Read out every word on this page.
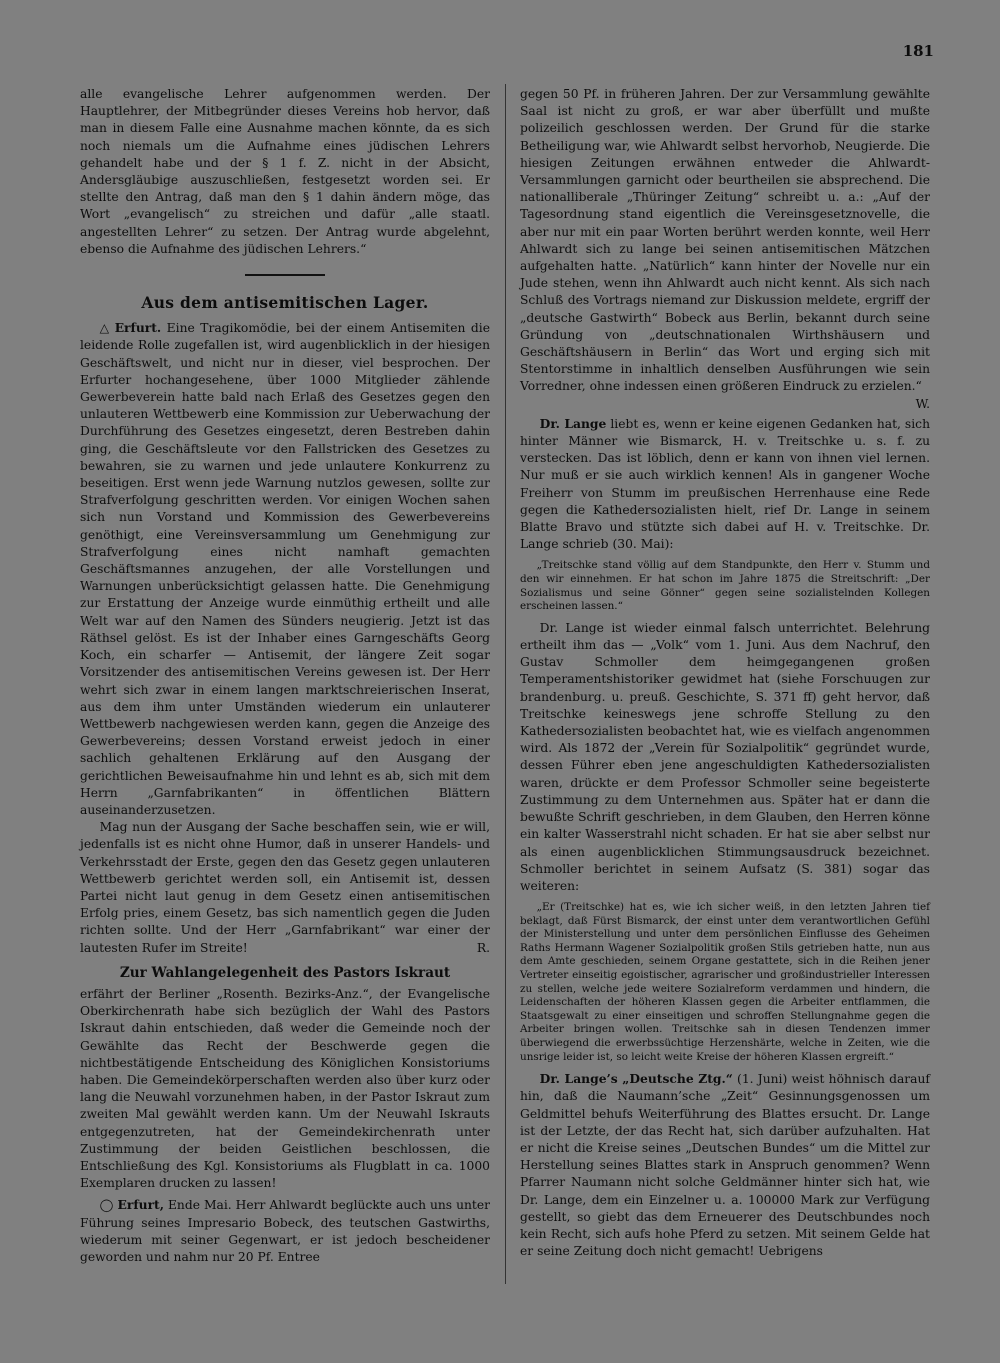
181

alle evangelische Lehrer aufgenommen werden. Der Hauptlehrer, der Mitbegründer dieses Vereins hob hervor, daß man in diesem Falle eine Ausnahme machen könnte, da es sich noch niemals um die Aufnahme eines jüdischen Lehrers gehandelt habe und der § 1 f. Z. nicht in der Absicht, Andersgläubige auszuschließen, festgesetzt worden sei. Er stellte den Antrag, daß man den § 1 dahin ändern möge, das Wort „evangelisch“ zu streichen und dafür „alle staatl. angestellten Lehrer“ zu setzen. Der Antrag wurde abgelehnt, ebenso die Aufnahme des jüdischen Lehrers.“

Aus dem antisemitischen Lager.

△ Erfurt. Eine Tragikomödie, bei der einem Antisemiten die leidende Rolle zugefallen ist, wird augenblicklich in der hiesigen Geschäftswelt, und nicht nur in dieser, viel besprochen. Der Erfurter hochangesehene, über 1000 Mitglieder zählende Gewerbeverein hatte bald nach Erlaß des Gesetzes gegen den unlauteren Wettbewerb eine Kommission zur Ueberwachung der Durchführung des Gesetzes eingesetzt, deren Bestreben dahin ging, die Geschäftsleute vor den Fallstricken des Gesetzes zu bewahren, sie zu warnen und jede unlautere Konkurrenz zu beseitigen. Erst wenn jede Warnung nutzlos gewesen, sollte zur Strafverfolgung geschritten werden. Vor einigen Wochen sahen sich nun Vorstand und Kommission des Gewerbevereins genöthigt, eine Vereinsversammlung um Genehmigung zur Strafverfolgung eines nicht namhaft gemachten Geschäftsmannes anzugehen, der alle Vorstellungen und Warnungen unberücksichtigt gelassen hatte. Die Genehmigung zur Erstattung der Anzeige wurde einmüthig ertheilt und alle Welt war auf den Namen des Sünders neugierig. Jetzt ist das Räthsel gelöst. Es ist der Inhaber eines Garngeschäfts Georg Koch, ein scharfer — Antisemit, der längere Zeit sogar Vorsitzender des antisemitischen Vereins gewesen ist. Der Herr wehrt sich zwar in einem langen marktschreierischen Inserat, aus dem ihm unter Umständen wiederum ein unlauterer Wettbewerb nachgewiesen werden kann, gegen die Anzeige des Gewerbevereins; dessen Vorstand erweist jedoch in einer sachlich gehaltenen Erklärung auf den Ausgang der gerichtlichen Beweisaufnahme hin und lehnt es ab, sich mit dem Herrn „Garnfabrikanten“ in öffentlichen Blättern auseinanderzusetzen.

Mag nun der Ausgang der Sache beschaffen sein, wie er will, jedenfalls ist es nicht ohne Humor, daß in unserer Handels- und Verkehrsstadt der Erste, gegen den das Gesetz gegen unlauteren Wettbewerb gerichtet werden soll, ein Antisemit ist, dessen Partei nicht laut genug in dem Gesetz einen antisemitischen Erfolg pries, einem Gesetz, bas sich namentlich gegen die Juden richten sollte. Und der Herr „Garnfabrikant“ war einer der lautesten Rufer im Streite!	R.

Zur Wahlangelegenheit des Pastors Iskraut

erfährt der Berliner „Rosenth. Bezirks-Anz.“, der Evangelische Oberkirchenrath habe sich bezüglich der Wahl des Pastors Iskraut dahin entschieden, daß weder die Gemeinde noch der Gewählte das Recht der Beschwerde gegen die nichtbestätigende Entscheidung des Königlichen Konsistoriums haben. Die Gemeindekörperschaften werden also über kurz oder lang die Neuwahl vorzunehmen haben, in der Pastor Iskraut zum zweiten Mal gewählt werden kann. Um der Neuwahl Iskrauts entgegenzutreten, hat der Gemeindekirchenrath unter Zustimmung der beiden Geistlichen beschlossen, die Entschließung des Kgl. Konsistoriums als Flugblatt in ca. 1000 Exemplaren drucken zu lassen!

◯ Erfurt, Ende Mai. Herr Ahlwardt beglückte auch uns unter Führung seines Impresario Bobeck, des teutschen Gastwirths, wiederum mit seiner Gegenwart, er ist jedoch bescheidener geworden und nahm nur 20 Pf. Entree

gegen 50 Pf. in früheren Jahren. Der zur Versammlung gewählte Saal ist nicht zu groß, er war aber überfüllt und mußte polizeilich geschlossen werden. Der Grund für die starke Betheiligung war, wie Ahlwardt selbst hervorhob, Neugierde. Die hiesigen Zeitungen erwähnen entweder die Ahlwardt-Versammlungen garnicht oder beurtheilen sie absprechend. Die nationalliberale „Thüringer Zeitung“ schreibt u. a.: „Auf der Tagesordnung stand eigentlich die Vereinsgesetznovelle, die aber nur mit ein paar Worten berührt werden konnte, weil Herr Ahlwardt sich zu lange bei seinen antisemitischen Mätzchen aufgehalten hatte. „Natürlich“ kann hinter der Novelle nur ein Jude stehen, wenn ihn Ahlwardt auch nicht kennt. Als sich nach Schluß des Vortrags niemand zur Diskussion meldete, ergriff der „deutsche Gastwirth“ Bobeck aus Berlin, bekannt durch seine Gründung von „deutschnationalen Wirthshäusern und Geschäftshäusern in Berlin“ das Wort und erging sich mit Stentorstimme in inhaltlich denselben Ausführungen wie sein Vorredner, ohne indessen einen größeren Eindruck zu erzielen.“

W.

Dr. Lange liebt es, wenn er keine eigenen Gedanken hat, sich hinter Männer wie Bismarck, H. v. Treitschke u. s. f. zu verstecken. Das ist löblich, denn er kann von ihnen viel lernen. Nur muß er sie auch wirklich kennen! Als in gangener Woche Freiherr von Stumm im preußischen Herrenhause eine Rede gegen die Kathedersozialisten hielt, rief Dr. Lange in seinem Blatte Bravo und stützte sich dabei auf H. v. Treitschke. Dr. Lange schrieb (30. Mai):

„Treitschke stand völlig auf dem Standpunkte, den Herr v. Stumm und den wir einnehmen. Er hat schon im Jahre 1875 die Streitschrift: „Der Sozialismus und seine Gönner“ gegen seine sozialistelnden Kollegen erscheinen lassen.“

Dr. Lange ist wieder einmal falsch unterrichtet. Belehrung ertheilt ihm das — „Volk“ vom 1. Juni. Aus dem Nachruf, den Gustav Schmoller dem heimgegangenen großen Temperamentshistoriker gewidmet hat (siehe Forschuugen zur brandenburg. u. preuß. Geschichte, S. 371 ff) geht hervor, daß Treitschke keineswegs jene schroffe Stellung zu den Kathedersozialisten beobachtet hat, wie es vielfach angenommen wird. Als 1872 der „Verein für Sozialpolitik“ gegründet wurde, dessen Führer eben jene angeschuldigten Kathedersozialisten waren, drückte er dem Professor Schmoller seine begeisterte Zustimmung zu dem Unternehmen aus. Später hat er dann die bewußte Schrift geschrieben, in dem Glauben, den Herren könne ein kalter Wasserstrahl nicht schaden. Er hat sie aber selbst nur als einen augenblicklichen Stimmungsausdruck bezeichnet. Schmoller berichtet in seinem Aufsatz (S. 381) sogar das weiteren:

„Er (Treitschke) hat es, wie ich sicher weiß, in den letzten Jahren tief beklagt, daß Fürst Bismarck, der einst unter dem verantwortlichen Gefühl der Ministerstellung und unter dem persönlichen Einflusse des Geheimen Raths Hermann Wagener Sozialpolitik großen Stils getrieben hatte, nun aus dem Amte geschieden, seinem Organe gestattete, sich in die Reihen jener Vertreter einseitig egoistischer, agrarischer und großindustrieller Interessen zu stellen, welche jede weitere Sozialreform verdammen und hindern, die Leidenschaften der höheren Klassen gegen die Arbeiter entflammen, die Staatsgewalt zu einer einseitigen und schroffen Stellungnahme gegen die Arbeiter bringen wollen. Treitschke sah in diesen Tendenzen immer überwiegend die erwerbssüchtige Herzenshärte, welche in Zeiten, wie die unsrige leider ist, so leicht weite Kreise der höheren Klassen ergreift.“

Dr. Lange’s „Deutsche Ztg.“ (1. Juni) weist höhnisch darauf hin, daß die Naumann’sche „Zeit“ Gesinnungsgenossen um Geldmittel behufs Weiterführung des Blattes ersucht. Dr. Lange ist der Letzte, der das Recht hat, sich darüber aufzuhalten. Hat er nicht die Kreise seines „Deutschen Bundes“ um die Mittel zur Herstellung seines Blattes stark in Anspruch genommen? Wenn Pfarrer Naumann nicht solche Geldmänner hinter sich hat, wie Dr. Lange, dem ein Einzelner u. a. 100000 Mark zur Verfügung gestellt, so giebt das dem Erneuerer des Deutschbundes noch kein Recht, sich aufs hohe Pferd zu setzen. Mit seinem Gelde hat er seine Zeitung doch nicht gemacht! Uebrigens
